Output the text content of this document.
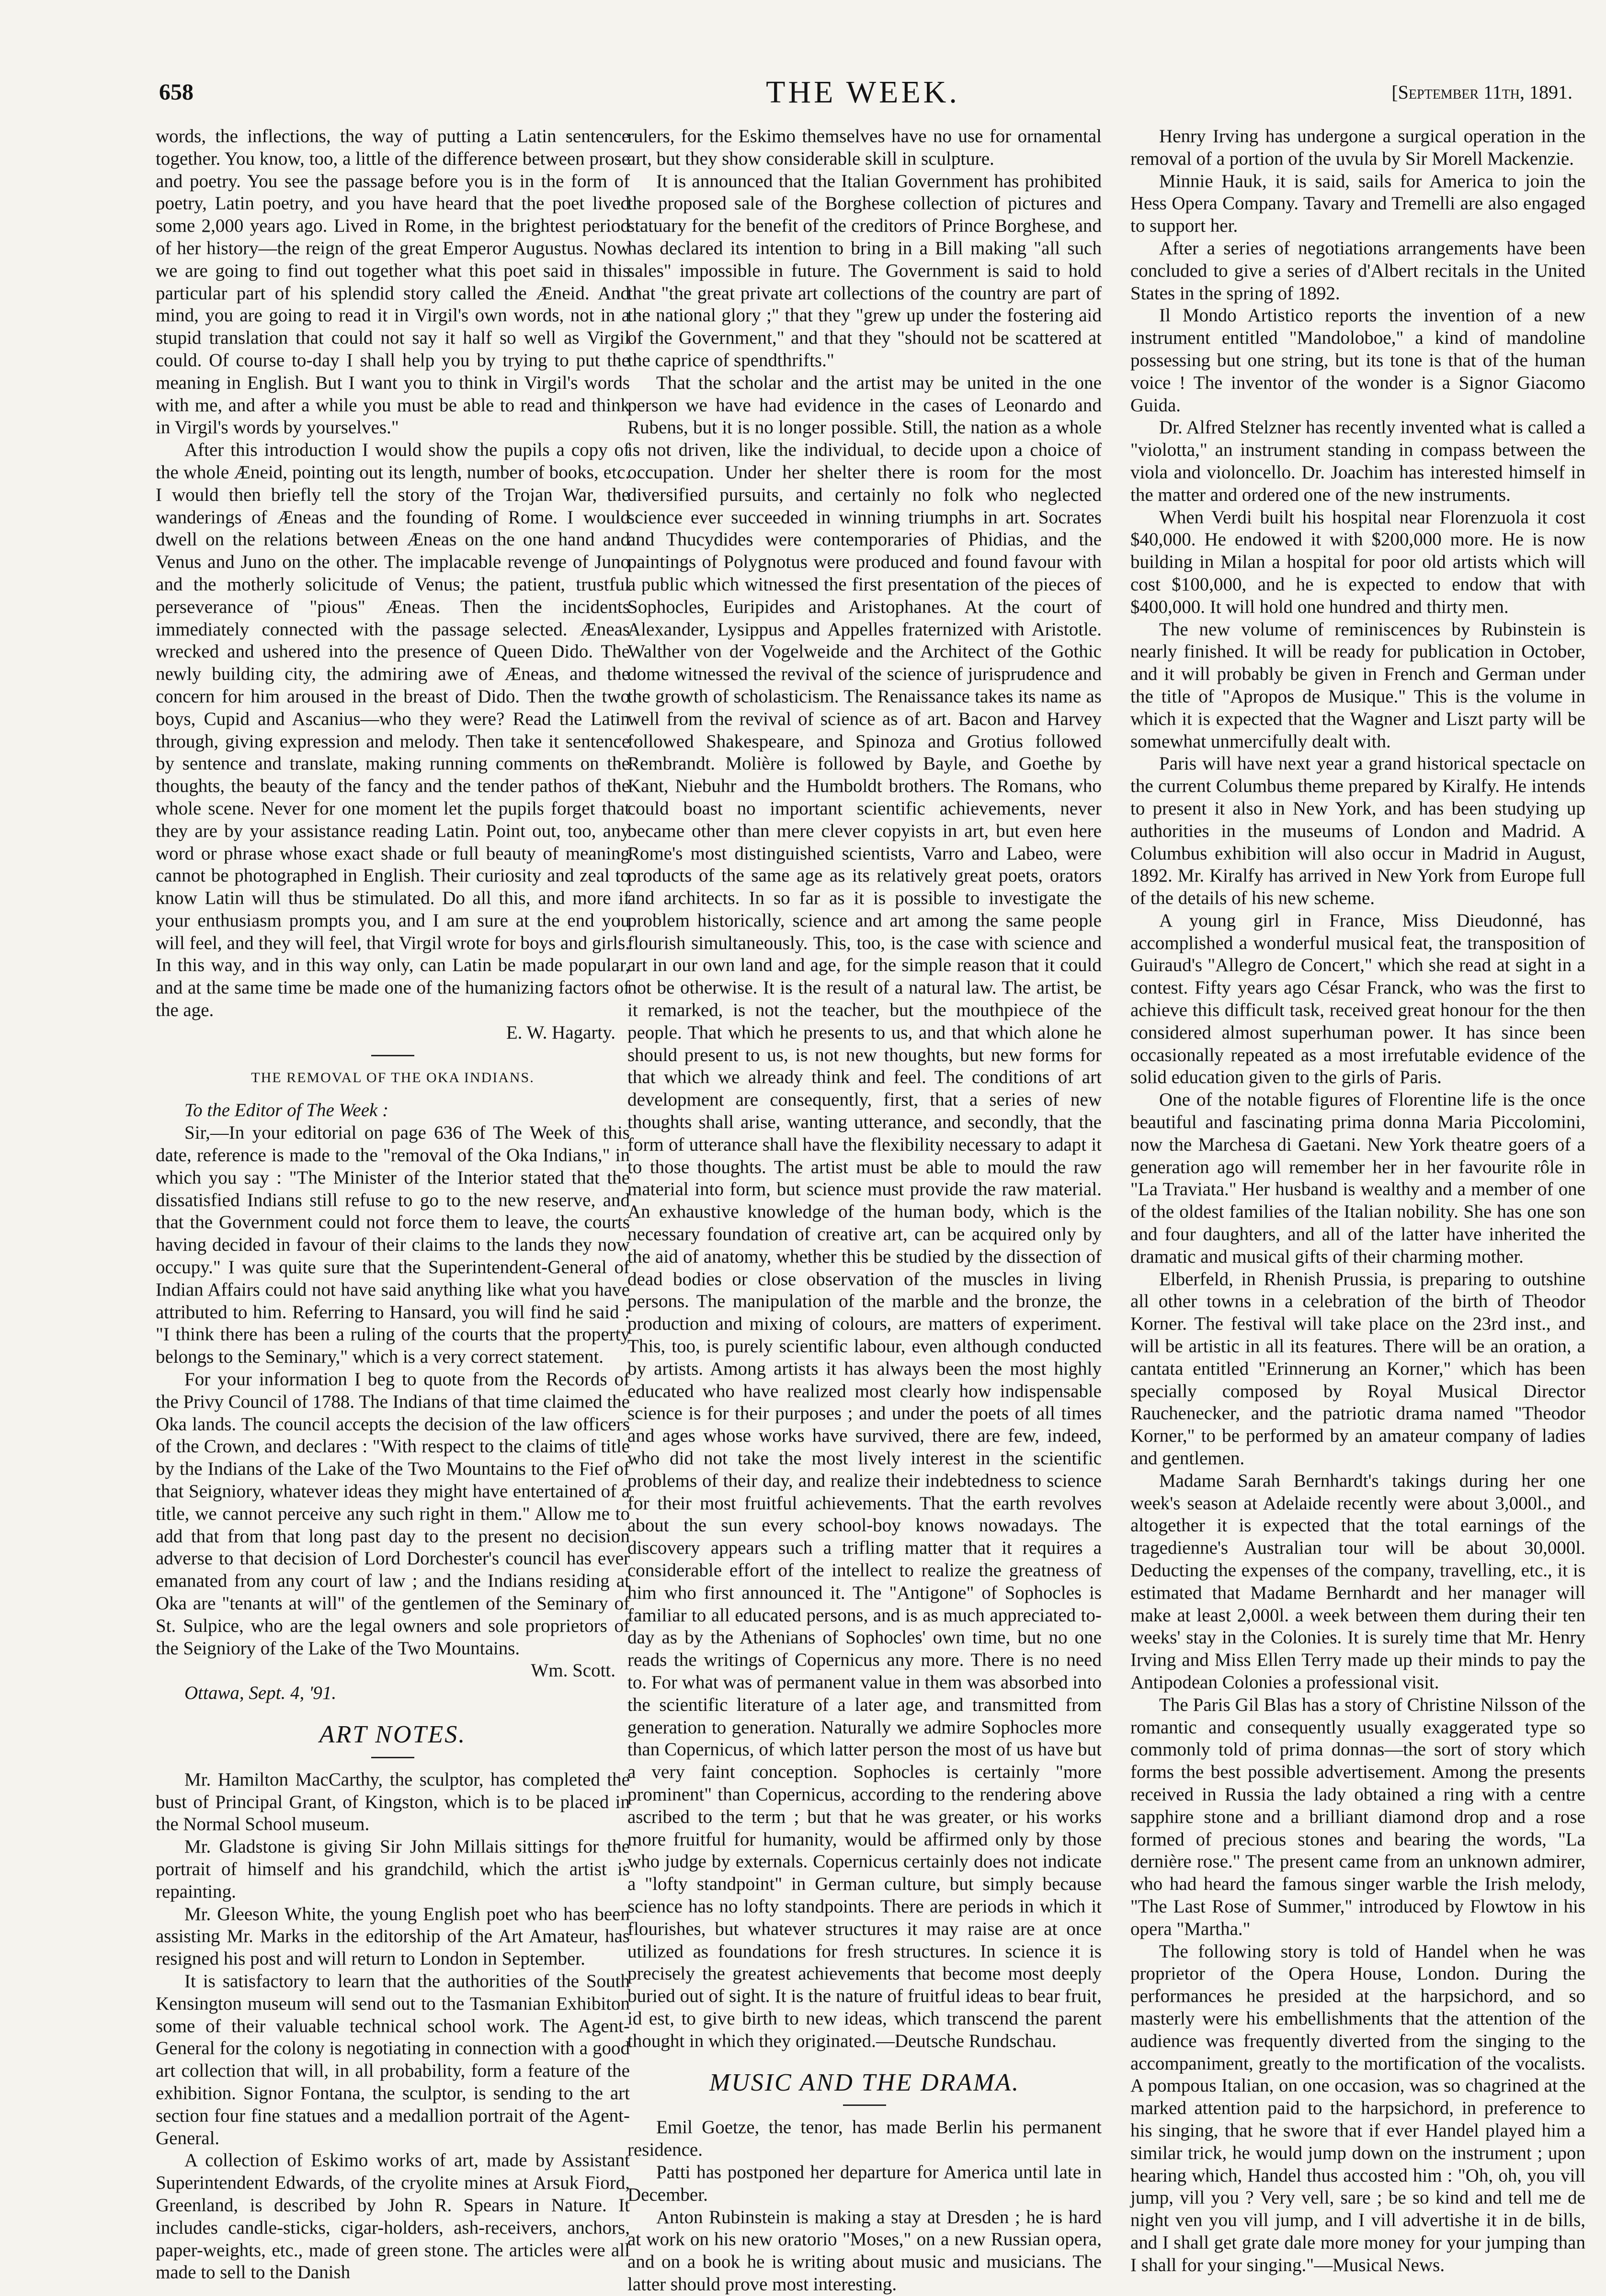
658	THE WEEK.	[September 11th, 1891.

words, the inflections, the way of putting a Latin sentence together. You know, too, a little of the difference between prose and poetry. You see the passage before you is in the form of poetry, Latin poetry, and you have heard that the poet lived some 2,000 years ago. Lived in Rome, in the brightest period of her history—the reign of the great Emperor Augustus. Now we are going to find out together what this poet said in this particular part of his splendid story called the Æneid. And mind, you are going to read it in Virgil's own words, not in a stupid translation that could not say it half so well as Virgil could. Of course to-day I shall help you by trying to put the meaning in English. But I want you to think in Virgil's words with me, and after a while you must be able to read and think in Virgil's words by yourselves."

After this introduction I would show the pupils a copy of the whole Æneid, pointing out its length, number of books, etc. I would then briefly tell the story of the Trojan War, the wanderings of Æneas and the founding of Rome. I would dwell on the relations between Æneas on the one hand and Venus and Juno on the other. The implacable revenge of Juno and the motherly solicitude of Venus; the patient, trustful perseverance of "pious" Æneas. Then the incidents immediately connected with the passage selected. Æneas wrecked and ushered into the presence of Queen Dido. The newly building city, the admiring awe of Æneas, and the concern for him aroused in the breast of Dido. Then the two boys, Cupid and Ascanius—who they were? Read the Latin through, giving expression and melody. Then take it sentence by sentence and translate, making running comments on the thoughts, the beauty of the fancy and the tender pathos of the whole scene. Never for one moment let the pupils forget that they are by your assistance reading Latin. Point out, too, any word or phrase whose exact shade or full beauty of meaning cannot be photographed in English. Their curiosity and zeal to know Latin will thus be stimulated. Do all this, and more if your enthusiasm prompts you, and I am sure at the end you will feel, and they will feel, that Virgil wrote for boys and girls. In this way, and in this way only, can Latin be made popular, and at the same time be made one of the humanizing factors of the age.

E. W. Hagarty.

THE REMOVAL OF THE OKA INDIANS.

To the Editor of The Week :

Sir,—In your editorial on page 636 of The Week of this date, reference is made to the "removal of the Oka Indians," in which you say : "The Minister of the Interior stated that the dissatisfied Indians still refuse to go to the new reserve, and that the Government could not force them to leave, the courts having decided in favour of their claims to the lands they now occupy." I was quite sure that the Superintendent-General of Indian Affairs could not have said anything like what you have attributed to him. Referring to Hansard, you will find he said : "I think there has been a ruling of the courts that the property belongs to the Seminary," which is a very correct statement.

For your information I beg to quote from the Records of the Privy Council of 1788. The Indians of that time claimed the Oka lands. The council accepts the decision of the law officers of the Crown, and declares : "With respect to the claims of title by the Indians of the Lake of the Two Mountains to the Fief of that Seigniory, whatever ideas they might have entertained of a title, we cannot perceive any such right in them." Allow me to add that from that long past day to the present no decision adverse to that decision of Lord Dorchester's council has ever emanated from any court of law ; and the Indians residing at Oka are "tenants at will" of the gentlemen of the Seminary of St. Sulpice, who are the legal owners and sole proprietors of the Seigniory of the Lake of the Two Mountains.

Wm. Scott.

Ottawa, Sept. 4, '91.

ART NOTES.

Mr. Hamilton MacCarthy, the sculptor, has completed the bust of Principal Grant, of Kingston, which is to be placed in the Normal School museum.

Mr. Gladstone is giving Sir John Millais sittings for the portrait of himself and his grandchild, which the artist is repainting.

Mr. Gleeson White, the young English poet who has been assisting Mr. Marks in the editorship of the Art Amateur, has resigned his post and will return to London in September.

It is satisfactory to learn that the authorities of the South Kensington museum will send out to the Tasmanian Exhibiton some of their valuable technical school work. The Agent-General for the colony is negotiating in connection with a good art collection that will, in all probability, form a feature of the exhibition. Signor Fontana, the sculptor, is sending to the art section four fine statues and a medallion portrait of the Agent-General.

A collection of Eskimo works of art, made by Assistant Superintendent Edwards, of the cryolite mines at Arsuk Fiord, Greenland, is described by John R. Spears in Nature. It includes candle-sticks, cigar-holders, ash-receivers, anchors, paper-weights, etc., made of green stone. The articles were all made to sell to the Danish

rulers, for the Eskimo themselves have no use for ornamental art, but they show considerable skill in sculpture.

It is announced that the Italian Government has prohibited the proposed sale of the Borghese collection of pictures and statuary for the benefit of the creditors of Prince Borghese, and has declared its intention to bring in a Bill making "all such sales" impossible in future. The Government is said to hold that "the great private art collections of the country are part of the national glory ;" that they "grew up under the fostering aid of the Government," and that they "should not be scattered at the caprice of spendthrifts."

That the scholar and the artist may be united in the one person we have had evidence in the cases of Leonardo and Rubens, but it is no longer possible. Still, the nation as a whole is not driven, like the individual, to decide upon a choice of occupation. Under her shelter there is room for the most diversified pursuits, and certainly no folk who neglected science ever succeeded in winning triumphs in art. Socrates and Thucydides were contemporaries of Phidias, and the paintings of Polygnotus were produced and found favour with a public which witnessed the first presentation of the pieces of Sophocles, Euripides and Aristophanes. At the court of Alexander, Lysippus and Appelles fraternized with Aristotle. Walther von der Vogelweide and the Architect of the Gothic dome witnessed the revival of the science of jurisprudence and the growth of scholasticism. The Renaissance takes its name as well from the revival of science as of art. Bacon and Harvey followed Shakespeare, and Spinoza and Grotius followed Rembrandt. Molière is followed by Bayle, and Goethe by Kant, Niebuhr and the Humboldt brothers. The Romans, who could boast no important scientific achievements, never became other than mere clever copyists in art, but even here Rome's most distinguished scientists, Varro and Labeo, were products of the same age as its relatively great poets, orators and architects. In so far as it is possible to investigate the problem historically, science and art among the same people flourish simultaneously. This, too, is the case with science and art in our own land and age, for the simple reason that it could not be otherwise. It is the result of a natural law. The artist, be it remarked, is not the teacher, but the mouthpiece of the people. That which he presents to us, and that which alone he should present to us, is not new thoughts, but new forms for that which we already think and feel. The conditions of art development are consequently, first, that a series of new thoughts shall arise, wanting utterance, and secondly, that the form of utterance shall have the flexibility necessary to adapt it to those thoughts. The artist must be able to mould the raw material into form, but science must provide the raw material. An exhaustive knowledge of the human body, which is the necessary foundation of creative art, can be acquired only by the aid of anatomy, whether this be studied by the dissection of dead bodies or close observation of the muscles in living persons. The manipulation of the marble and the bronze, the production and mixing of colours, are matters of experiment. This, too, is purely scientific labour, even although conducted by artists. Among artists it has always been the most highly educated who have realized most clearly how indispensable science is for their purposes ; and under the poets of all times and ages whose works have survived, there are few, indeed, who did not take the most lively interest in the scientific problems of their day, and realize their indebtedness to science for their most fruitful achievements. That the earth revolves about the sun every school-boy knows nowadays. The discovery appears such a trifling matter that it requires a considerable effort of the intellect to realize the greatness of him who first announced it. The "Antigone" of Sophocles is familiar to all educated persons, and is as much appreciated to-day as by the Athenians of Sophocles' own time, but no one reads the writings of Copernicus any more. There is no need to. For what was of permanent value in them was absorbed into the scientific literature of a later age, and transmitted from generation to generation. Naturally we admire Sophocles more than Copernicus, of which latter person the most of us have but a very faint conception. Sophocles is certainly "more prominent" than Copernicus, according to the rendering above ascribed to the term ; but that he was greater, or his works more fruitful for humanity, would be affirmed only by those who judge by externals. Copernicus certainly does not indicate a "lofty standpoint" in German culture, but simply because science has no lofty standpoints. There are periods in which it flourishes, but whatever structures it may raise are at once utilized as foundations for fresh structures. In science it is precisely the greatest achievements that become most deeply buried out of sight. It is the nature of fruitful ideas to bear fruit, id est, to give birth to new ideas, which transcend the parent thought in which they originated.—Deutsche Rundschau.

MUSIC AND THE DRAMA.

Emil Goetze, the tenor, has made Berlin his permanent residence.

Patti has postponed her departure for America until late in December.

Anton Rubinstein is making a stay at Dresden ; he is hard at work on his new oratorio "Moses," on a new Russian opera, and on a book he is writing about music and musicians. The latter should prove most interesting.

Henry Irving has undergone a surgical operation in the removal of a portion of the uvula by Sir Morell Mackenzie.

Minnie Hauk, it is said, sails for America to join the Hess Opera Company. Tavary and Tremelli are also engaged to support her.

After a series of negotiations arrangements have been concluded to give a series of d'Albert recitals in the United States in the spring of 1892.

Il Mondo Artistico reports the invention of a new instrument entitled "Mandoloboe," a kind of mandoline possessing but one string, but its tone is that of the human voice ! The inventor of the wonder is a Signor Giacomo Guida.

Dr. Alfred Stelzner has recently invented what is called a "violotta," an instrument standing in compass between the viola and violoncello. Dr. Joachim has interested himself in the matter and ordered one of the new instruments.

When Verdi built his hospital near Florenzuola it cost $40,000. He endowed it with $200,000 more. He is now building in Milan a hospital for poor old artists which will cost $100,000, and he is expected to endow that with $400,000. It will hold one hundred and thirty men.

The new volume of reminiscences by Rubinstein is nearly finished. It will be ready for publication in October, and it will probably be given in French and German under the title of "Apropos de Musique." This is the volume in which it is expected that the Wagner and Liszt party will be somewhat unmercifully dealt with.

Paris will have next year a grand historical spectacle on the current Columbus theme prepared by Kiralfy. He intends to present it also in New York, and has been studying up authorities in the museums of London and Madrid. A Columbus exhibition will also occur in Madrid in August, 1892. Mr. Kiralfy has arrived in New York from Europe full of the details of his new scheme.

A young girl in France, Miss Dieudonné, has accomplished a wonderful musical feat, the transposition of Guiraud's "Allegro de Concert," which she read at sight in a contest. Fifty years ago César Franck, who was the first to achieve this difficult task, received great honour for the then considered almost superhuman power. It has since been occasionally repeated as a most irrefutable evidence of the solid education given to the girls of Paris.

One of the notable figures of Florentine life is the once beautiful and fascinating prima donna Maria Piccolomini, now the Marchesa di Gaetani. New York theatre goers of a generation ago will remember her in her favourite rôle in "La Traviata." Her husband is wealthy and a member of one of the oldest families of the Italian nobility. She has one son and four daughters, and all of the latter have inherited the dramatic and musical gifts of their charming mother.

Elberfeld, in Rhenish Prussia, is preparing to outshine all other towns in a celebration of the birth of Theodor Korner. The festival will take place on the 23rd inst., and will be artistic in all its features. There will be an oration, a cantata entitled "Erinnerung an Korner," which has been specially composed by Royal Musical Director Rauchenecker, and the patriotic drama named "Theodor Korner," to be performed by an amateur company of ladies and gentlemen.

Madame Sarah Bernhardt's takings during her one week's season at Adelaide recently were about 3,000l., and altogether it is expected that the total earnings of the tragedienne's Australian tour will be about 30,000l. Deducting the expenses of the company, travelling, etc., it is estimated that Madame Bernhardt and her manager will make at least 2,000l. a week between them during their ten weeks' stay in the Colonies. It is surely time that Mr. Henry Irving and Miss Ellen Terry made up their minds to pay the Antipodean Colonies a professional visit.

The Paris Gil Blas has a story of Christine Nilsson of the romantic and consequently usually exaggerated type so commonly told of prima donnas—the sort of story which forms the best possible advertisement. Among the presents received in Russia the lady obtained a ring with a centre sapphire stone and a brilliant diamond drop and a rose formed of precious stones and bearing the words, "La dernière rose." The present came from an unknown admirer, who had heard the famous singer warble the Irish melody, "The Last Rose of Summer," introduced by Flowtow in his opera "Martha."

The following story is told of Handel when he was proprietor of the Opera House, London. During the performances he presided at the harpsichord, and so masterly were his embellishments that the attention of the audience was frequently diverted from the singing to the accompaniment, greatly to the mortification of the vocalists. A pompous Italian, on one occasion, was so chagrined at the marked attention paid to the harpsichord, in preference to his singing, that he swore that if ever Handel played him a similar trick, he would jump down on the instrument ; upon hearing which, Handel thus accosted him : "Oh, oh, you vill jump, vill you ? Very vell, sare ; be so kind and tell me de night ven you vill jump, and I vill advertishe it in de bills, and I shall get grate dale more money for your jumping than I shall for your singing."—Musical News.
